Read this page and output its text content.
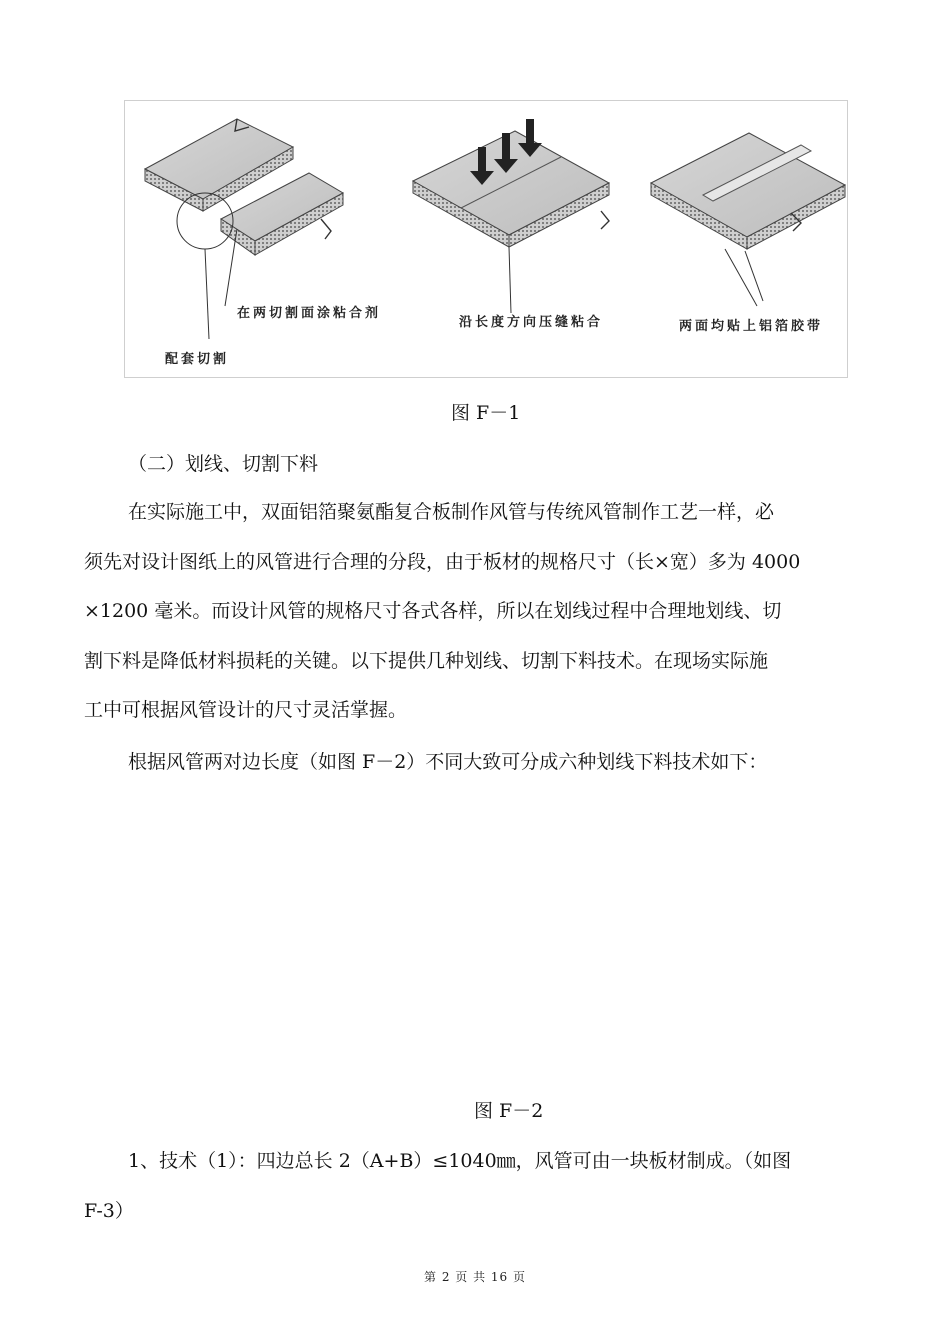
在两切割面涂粘合剂
配套切割
沿长度方向压缝粘合	两面均贴上铝箔胶带
图 F－1
（二）划线、切割下料
在实际施工中，双面铝箔聚氨酯复合板制作风管与传统风管制作工艺一样，必
须先对设计图纸上的风管进行合理的分段，由于板材的规格尺寸（长×宽）多为 4000
×1200 毫米。而设计风管的规格尺寸各式各样，所以在划线过程中合理地划线、切
割下料是降低材料损耗的关键。以下提供几种划线、切割下料技术。在现场实际施
工中可根据风管设计的尺寸灵活掌握。
根据风管两对边长度（如图 F－2）不同大致可分成六种划线下料技术如下：
图 F－2
1、技术（1）：四边总长 2（A+B）≤1040㎜，风管可由一块板材制成。（如图
F-3）
第 2 页 共 16 页
